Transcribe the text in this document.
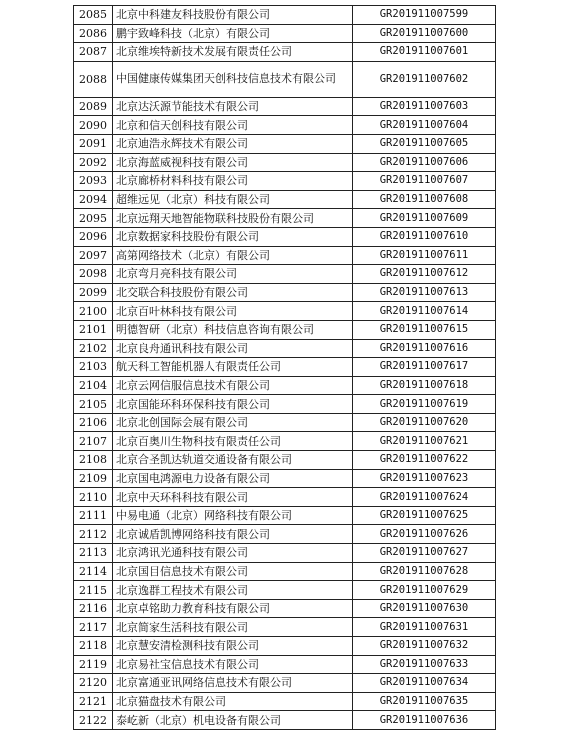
2085	北京中科建友科技股份有限公司	GR201911007599
2086	鹏宇致峰科技（北京）有限公司	GR201911007600
2087	北京维埃特新技术发展有限责任公司	GR201911007601
2088	中国健康传媒集团天创科技信息技术有限公司	GR201911007602
2089	北京达沃源节能技术有限公司	GR201911007603
2090	北京和信天创科技有限公司	GR201911007604
2091	北京迪浩永辉技术有限公司	GR201911007605
2092	北京海蓝威视科技有限公司	GR201911007606
2093	北京廊桥材料科技有限公司	GR201911007607
2094	超维远见（北京）科技有限公司	GR201911007608
2095	北京远翔天地智能物联科技股份有限公司	GR201911007609
2096	北京数据家科技股份有限公司	GR201911007610
2097	高第网络技术（北京）有限公司	GR201911007611
2098	北京弯月亮科技有限公司	GR201911007612
2099	北交联合科技股份有限公司	GR201911007613
2100	北京百叶林科技有限公司	GR201911007614
2101	明德智研（北京）科技信息咨询有限公司	GR201911007615
2102	北京良舟通讯科技有限公司	GR201911007616
2103	航天科工智能机器人有限责任公司	GR201911007617
2104	北京云网信服信息技术有限公司	GR201911007618
2105	北京国能环科环保科技有限公司	GR201911007619
2106	北京北创国际会展有限公司	GR201911007620
2107	北京百奥川生物科技有限责任公司	GR201911007621
2108	北京合圣凯达轨道交通设备有限公司	GR201911007622
2109	北京国电鸿源电力设备有限公司	GR201911007623
2110	北京中天环科科技有限公司	GR201911007624
2111	中易电通（北京）网络科技有限公司	GR201911007625
2112	北京诚盾凯博网络科技有限公司	GR201911007626
2113	北京鸿讯光通科技有限公司	GR201911007627
2114	北京国目信息技术有限公司	GR201911007628
2115	北京逸群工程技术有限公司	GR201911007629
2116	北京卓铭助力教育科技有限公司	GR201911007630
2117	北京简家生活科技有限公司	GR201911007631
2118	北京慧安清检测科技有限公司	GR201911007632
2119	北京易社宝信息技术有限公司	GR201911007633
2120	北京富通亚讯网络信息技术有限公司	GR201911007634
2121	北京猫盘技术有限公司	GR201911007635
2122	泰屹新（北京）机电设备有限公司	GR201911007636
